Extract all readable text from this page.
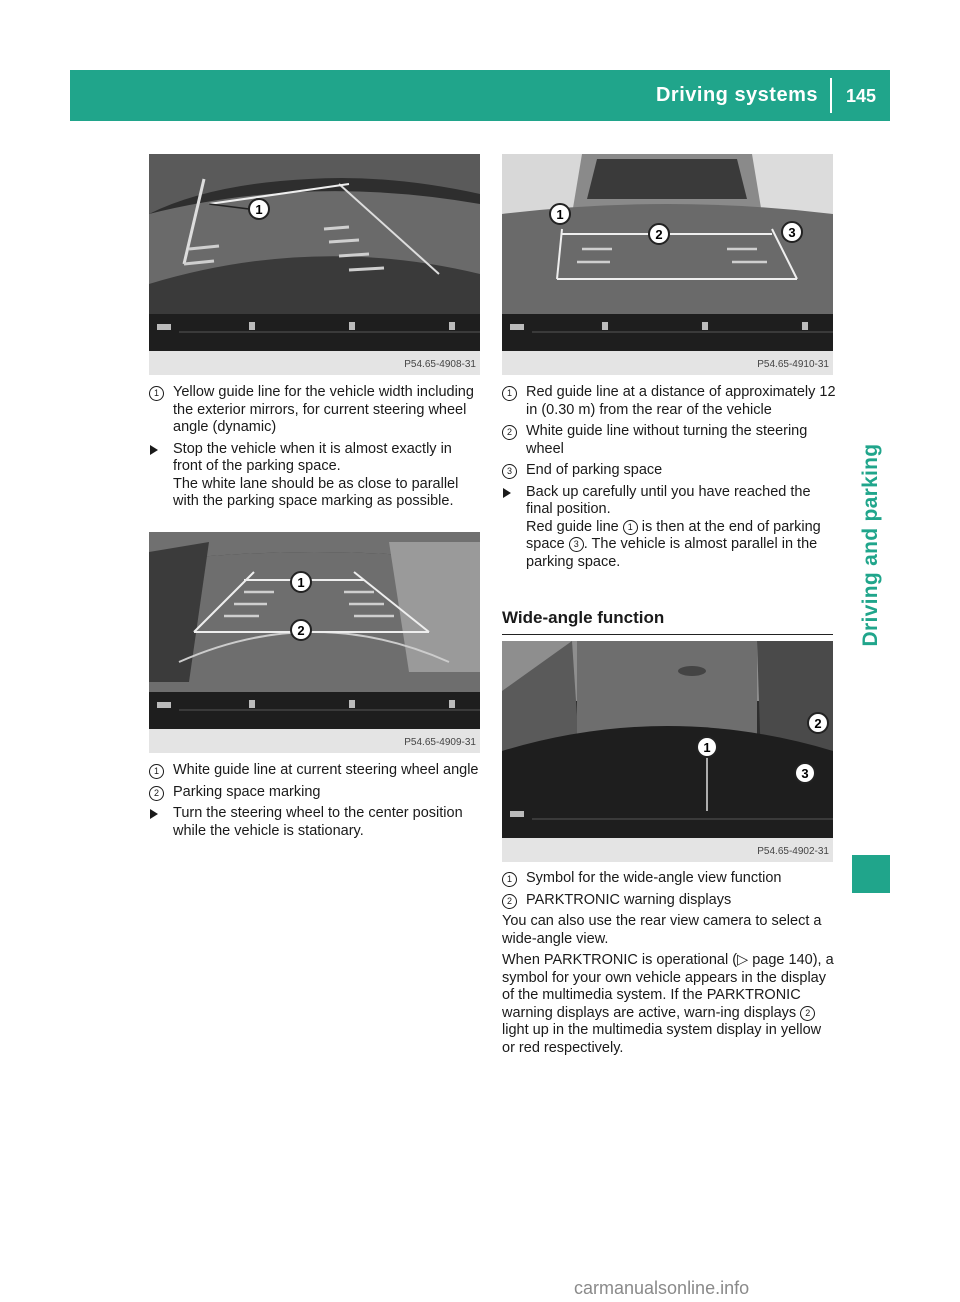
Driving systems 145
Driving and parking
1
P54.65-4908-31
1 Yellow guide line for the vehicle width including the exterior mirrors, for current steering wheel angle (dynamic)
Stop the vehicle when it is almost exactly in front of the parking space.
The white lane should be as close to parallel with the parking space marking as possible.
1
2
P54.65-4909-31
1 White guide line at current steering wheel angle
2 Parking space marking
Turn the steering wheel to the center position while the vehicle is stationary.
1
2	3
P54.65-4910-31
1 Red guide line at a distance of approximately 12 in (0.30 m) from the rear of the vehicle
2 White guide line without turning the steering wheel
3 End of parking space
Back up carefully until you have reached the final position.
Red guide line 1 is then at the end of parking space 3 . The vehicle is almost parallel in the parking space.
Wide-angle function
1
2
3
P54.65-4902-31
1 Symbol for the wide-angle view function
2 PARKTRONIC warning displays

You can also use the rear view camera to select a wide-angle view.

When PARKTRONIC is operational (▷ page 140), a symbol for your own vehicle appears in the display of the multimedia system. If the PARKTRONIC warning displays are active, warn-ing displays 2 light up in the multimedia system display in yellow or red respectively.

carmanualsonline.info
